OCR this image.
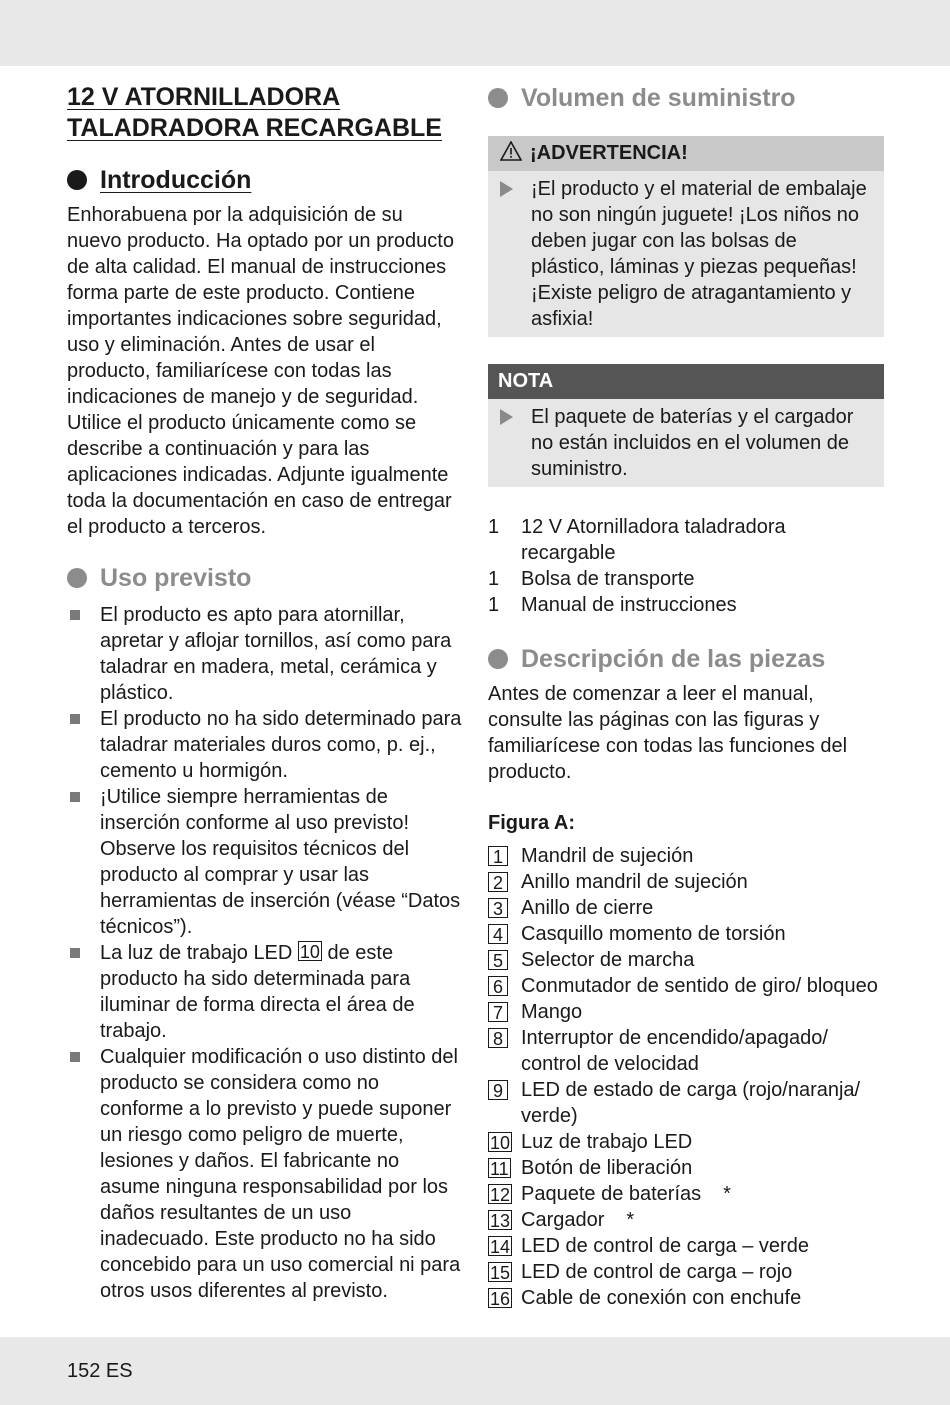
12 V ATORNILLADORA
TALADRADORA RECARGABLE
Introducción

Enhorabuena por la adquisición de su nuevo producto. Ha optado por un producto de alta calidad. El manual de instrucciones forma parte de este producto. Contiene importantes indicaciones sobre seguridad, uso y eliminación. Antes de usar el producto, familiarícese con todas las indicaciones de manejo y de seguridad. Utilice el producto únicamente como se describe a continuación y para las aplicaciones indicadas. Adjunte igualmente toda la documentación en caso de entregar el producto a terceros.

Uso previsto
El producto es apto para atornillar, apretar y aflojar tornillos, así como para taladrar en madera, metal, cerámica y plástico.
El producto no ha sido determinado para taladrar materiales duros como, p. ej., cemento u hormigón.
¡Utilice siempre herramientas de inserción conforme al uso previsto! Observe los requisitos técnicos del producto al comprar y usar las herramientas de inserción (véase “Datos técnicos”).
La luz de trabajo LED 10 de este producto ha sido determinada para iluminar de forma directa el área de trabajo.
Cualquier modificación o uso distinto del producto se considera como no conforme a lo previsto y puede suponer un riesgo como peligro de muerte, lesiones y daños. El fabricante no asume ninguna responsabilidad por los daños resultantes de un uso inadecuado. Este producto no ha sido concebido para un uso comercial ni para otros usos diferentes al previsto.
Volumen de suministro
¡ADVERTENCIA!
¡El producto y el material de embalaje no son ningún juguete! ¡Los niños no deben jugar con las bolsas de plástico, láminas y piezas pequeñas! ¡Existe peligro de atragantamiento y asfixia!
NOTA
El paquete de baterías y el cargador no están incluidos en el volumen de suministro.
1	12 V Atornilladora taladradora recargable
1	Bolsa de transporte
1	Manual de instrucciones
Descripción de las piezas

Antes de comenzar a leer el manual, consulte las páginas con las figuras y familiarícese con todas las funciones del producto.

Figura A:
1 Mandril de sujeción
2 Anillo mandril de sujeción
3 Anillo de cierre
4 Casquillo momento de torsión
5 Selector de marcha
6 Conmutador de sentido de giro/ bloqueo
7 Mango
8 Interruptor de encendido/apagado/ control de velocidad
9 LED de estado de carga (rojo/naranja/ verde)
10 Luz de trabajo LED
11 Botón de liberación
12 Paquete de baterías *
13 Cargador *
14 LED de control de carga – verde
15 LED de control de carga – rojo
16 Cable de conexión con enchufe
152 ES
